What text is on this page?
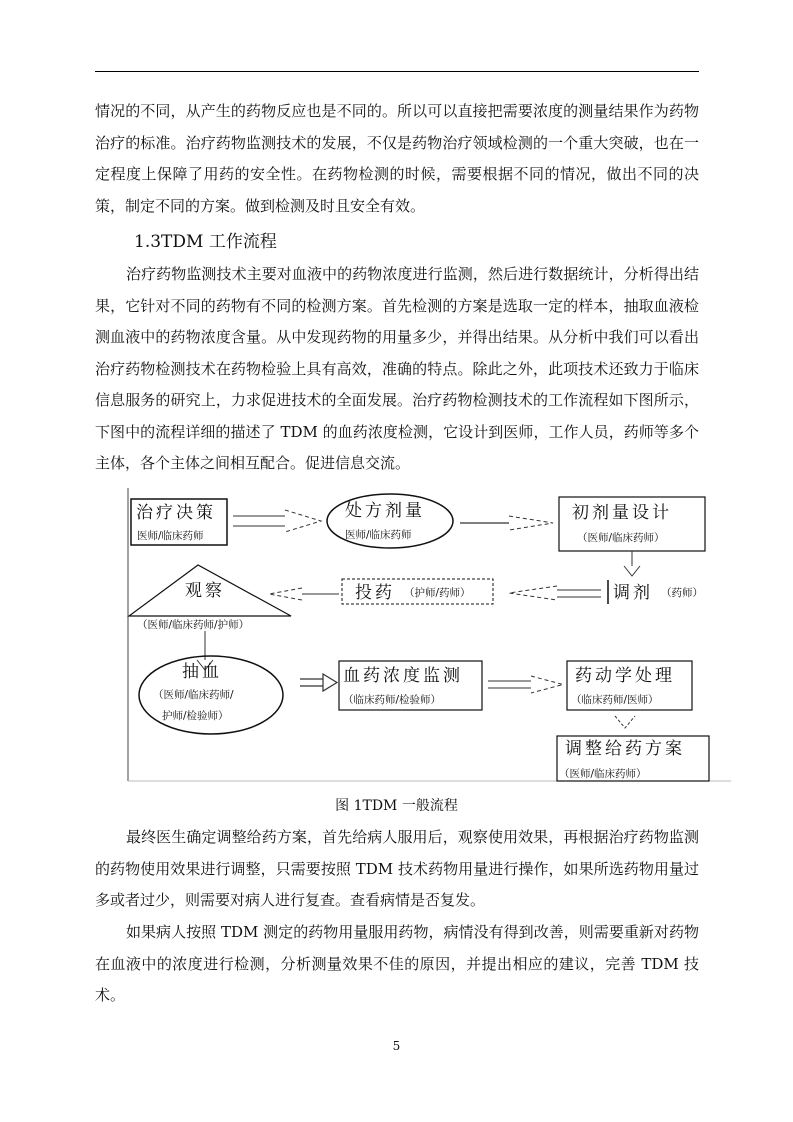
情况的不同，从产生的药物反应也是不同的。所以可以直接把需要浓度的测量结果作为药物治疗的标准。治疗药物监测技术的发展，不仅是药物治疗领域检测的一个重大突破，也在一定程度上保障了用药的安全性。在药物检测的时候，需要根据不同的情况，做出不同的决策，制定不同的方案。做到检测及时且安全有效。

1.3TDM 工作流程

治疗药物监测技术主要对血液中的药物浓度进行监测，然后进行数据统计，分析得出结果，它针对不同的药物有不同的检测方案。首先检测的方案是选取一定的样本，抽取血液检测血液中的药物浓度含量。从中发现药物的用量多少，并得出结果。从分析中我们可以看出治疗药物检测技术在药物检验上具有高效，准确的特点。除此之外，此项技术还致力于临床信息服务的研究上，力求促进技术的全面发展。治疗药物检测技术的工作流程如下图所示，下图中的流程详细的描述了 TDM 的血药浓度检测，它设计到医师，工作人员，药师等多个主体，各个主体之间相互配合。促进信息交流。

治疗决策
医师/临床药师
处方剂量
医师/临床药师
初剂量设计
（医师/临床药师）
调剂 （药师）
投药 （护师/药师）
观察
（医师/临床药师/护师）
抽血
（医师/临床药师/
护师/检验师）
血药浓度监测
（临床药师/检验师）
药动学处理
（临床药师/医师）
调整给药方案
（医师/临床药师）
图 1TDM 一般流程

最终医生确定调整给药方案，首先给病人服用后，观察使用效果，再根据治疗药物监测的药物使用效果进行调整，只需要按照 TDM 技术药物用量进行操作，如果所选药物用量过多或者过少，则需要对病人进行复查。查看病情是否复发。

如果病人按照 TDM 测定的药物用量服用药物，病情没有得到改善，则需要重新对药物在血液中的浓度进行检测，分析测量效果不佳的原因，并提出相应的建议，完善 TDM 技术。

5
